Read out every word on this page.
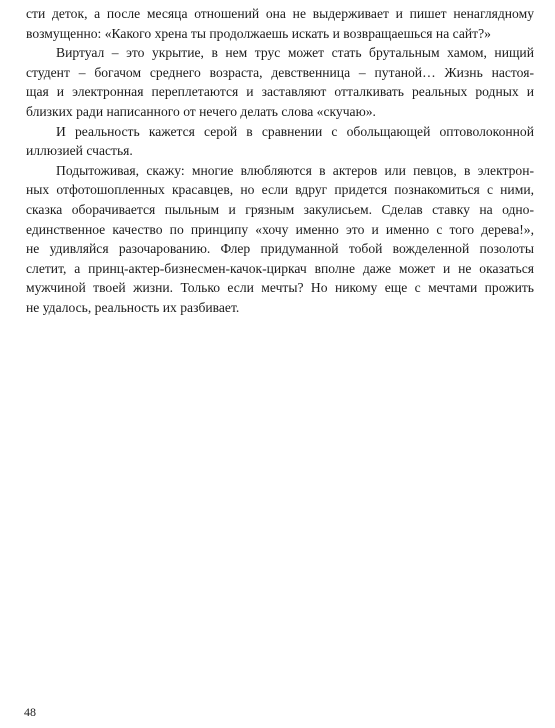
сти деток, а после месяца отношений она не выдерживает и пишет ненаглядному
возмущенно: «Какого хрена ты продолжаешь искать и возвращаешься на сайт?»
Виртуал – это укрытие, в нем трус может стать брутальным хамом, нищий
студент – богачом среднего возраста, девственница – путаной… Жизнь настоя-
щая и электронная переплетаются и заставляют отталкивать реальных родных и
близких ради написанного от нечего делать слова «скучаю».
И реальность кажется серой в сравнении с обольщающей оптоволоконной
иллюзией счастья.
Подытоживая, скажу: многие влюбляются в актеров или певцов, в электрон-
ных отфотошопленных красавцев, но если вдруг придется познакомиться с ними,
сказка оборачивается пыльным и грязным закулисьем. Сделав ставку на одно-
единственное качество по принципу «хочу именно это и именно с того дерева!»,
не удивляйся разочарованию. Флер придуманной тобой вожделенной позолоты
слетит, а принц-актер-бизнесмен-качок-циркач вполне даже может и не оказаться
мужчиной твоей жизни. Только если мечты? Но никому еще с мечтами прожить
не удалось, реальность их разбивает.
48
